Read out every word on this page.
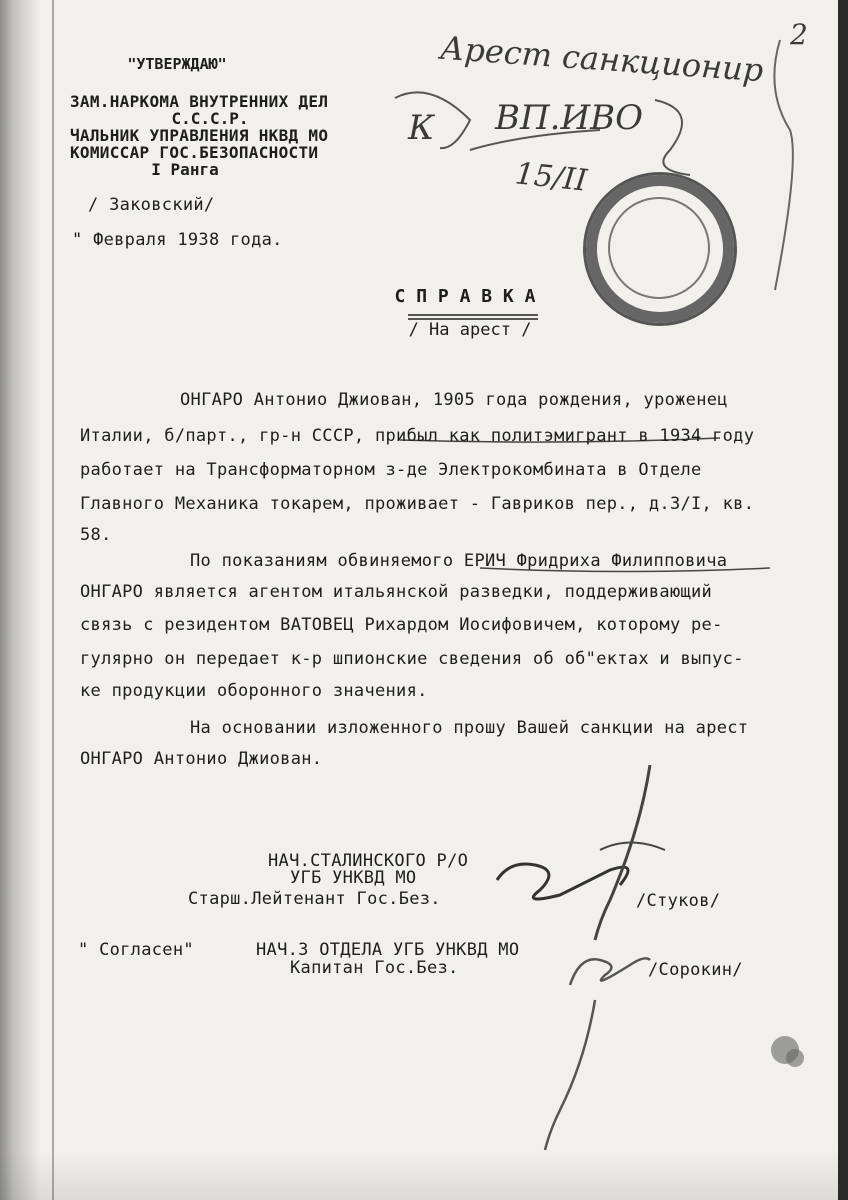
2
"УТВЕРЖДАЮ"
ЗАМ.НАРКОМА ВНУТРЕННИХ ДЕЛ
С.С.С.Р.
ЧАЛЬНИК УПРАВЛЕНИЯ НКВД МО
КОМИССАР ГОС.БЕЗОПАСНОСТИ
I Ранга
/ Заковский/
" Февраля 1938 года.
Арест санкционир
К ВП.ИВО
15/II
С П Р А В К А
/ На арест /
ОНГАРО Антонио Джиован, 1905 года рождения, уроженец
Италии, б/парт., гр-н СССР, прибыл как политэмигрант в 1934 году
работает на Трансформаторном з-де Электрокомбината в Отделе
Главного Механика токарем, проживает - Гавриков пер., д.3/I, кв.
58.
По показаниям обвиняемого ЕРИЧ Фридриха Филипповича
ОНГАРО является агентом итальянской разведки, поддерживающий
связь с резидентом ВАТОВЕЦ Рихардом Иосифовичем, которому ре-
гулярно он передает к-р шпионские сведения об об"ектах и выпус-
ке продукции оборонного значения.
На основании изложенного прошу Вашей санкции на арест
ОНГАРО Антонио Джиован.
НАЧ.СТАЛИНСКОГО Р/О
УГБ УНКВД МО
Старш.Лейтенант Гос.Без.	/Стуков/
" Согласен"	НАЧ.3 ОТДЕЛА УГБ УНКВД МО
Капитан Гос.Без.	/Сорокин/
